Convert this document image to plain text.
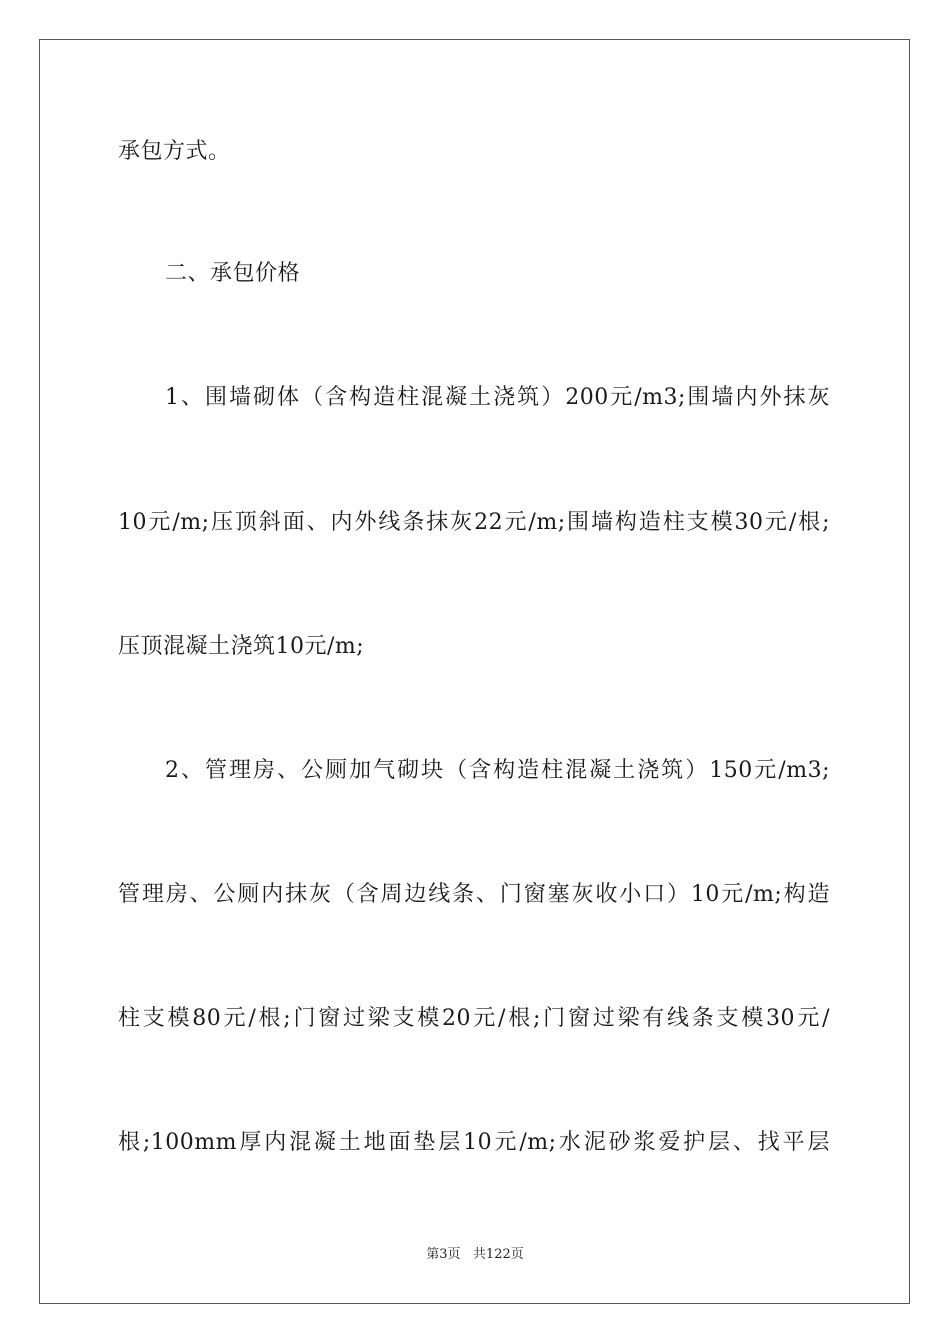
承包方式。
二、承包价格
1、围墙砌体（含构造柱混凝土浇筑）200元/m3;围墙内外抹灰
10元/m;压顶斜面、内外线条抹灰22元/m;围墙构造柱支模30元/根;
压顶混凝土浇筑10元/m;
2、管理房、公厕加气砌块（含构造柱混凝土浇筑）150元/m3;
管理房、公厕内抹灰（含周边线条、门窗塞灰收小口）10元/m;构造
柱支模80元/根;门窗过梁支模20元/根;门窗过梁有线条支模30元/
根;100mm厚内混凝土地面垫层10元/m;水泥砂浆爱护层、找平层
第3页 共122页
